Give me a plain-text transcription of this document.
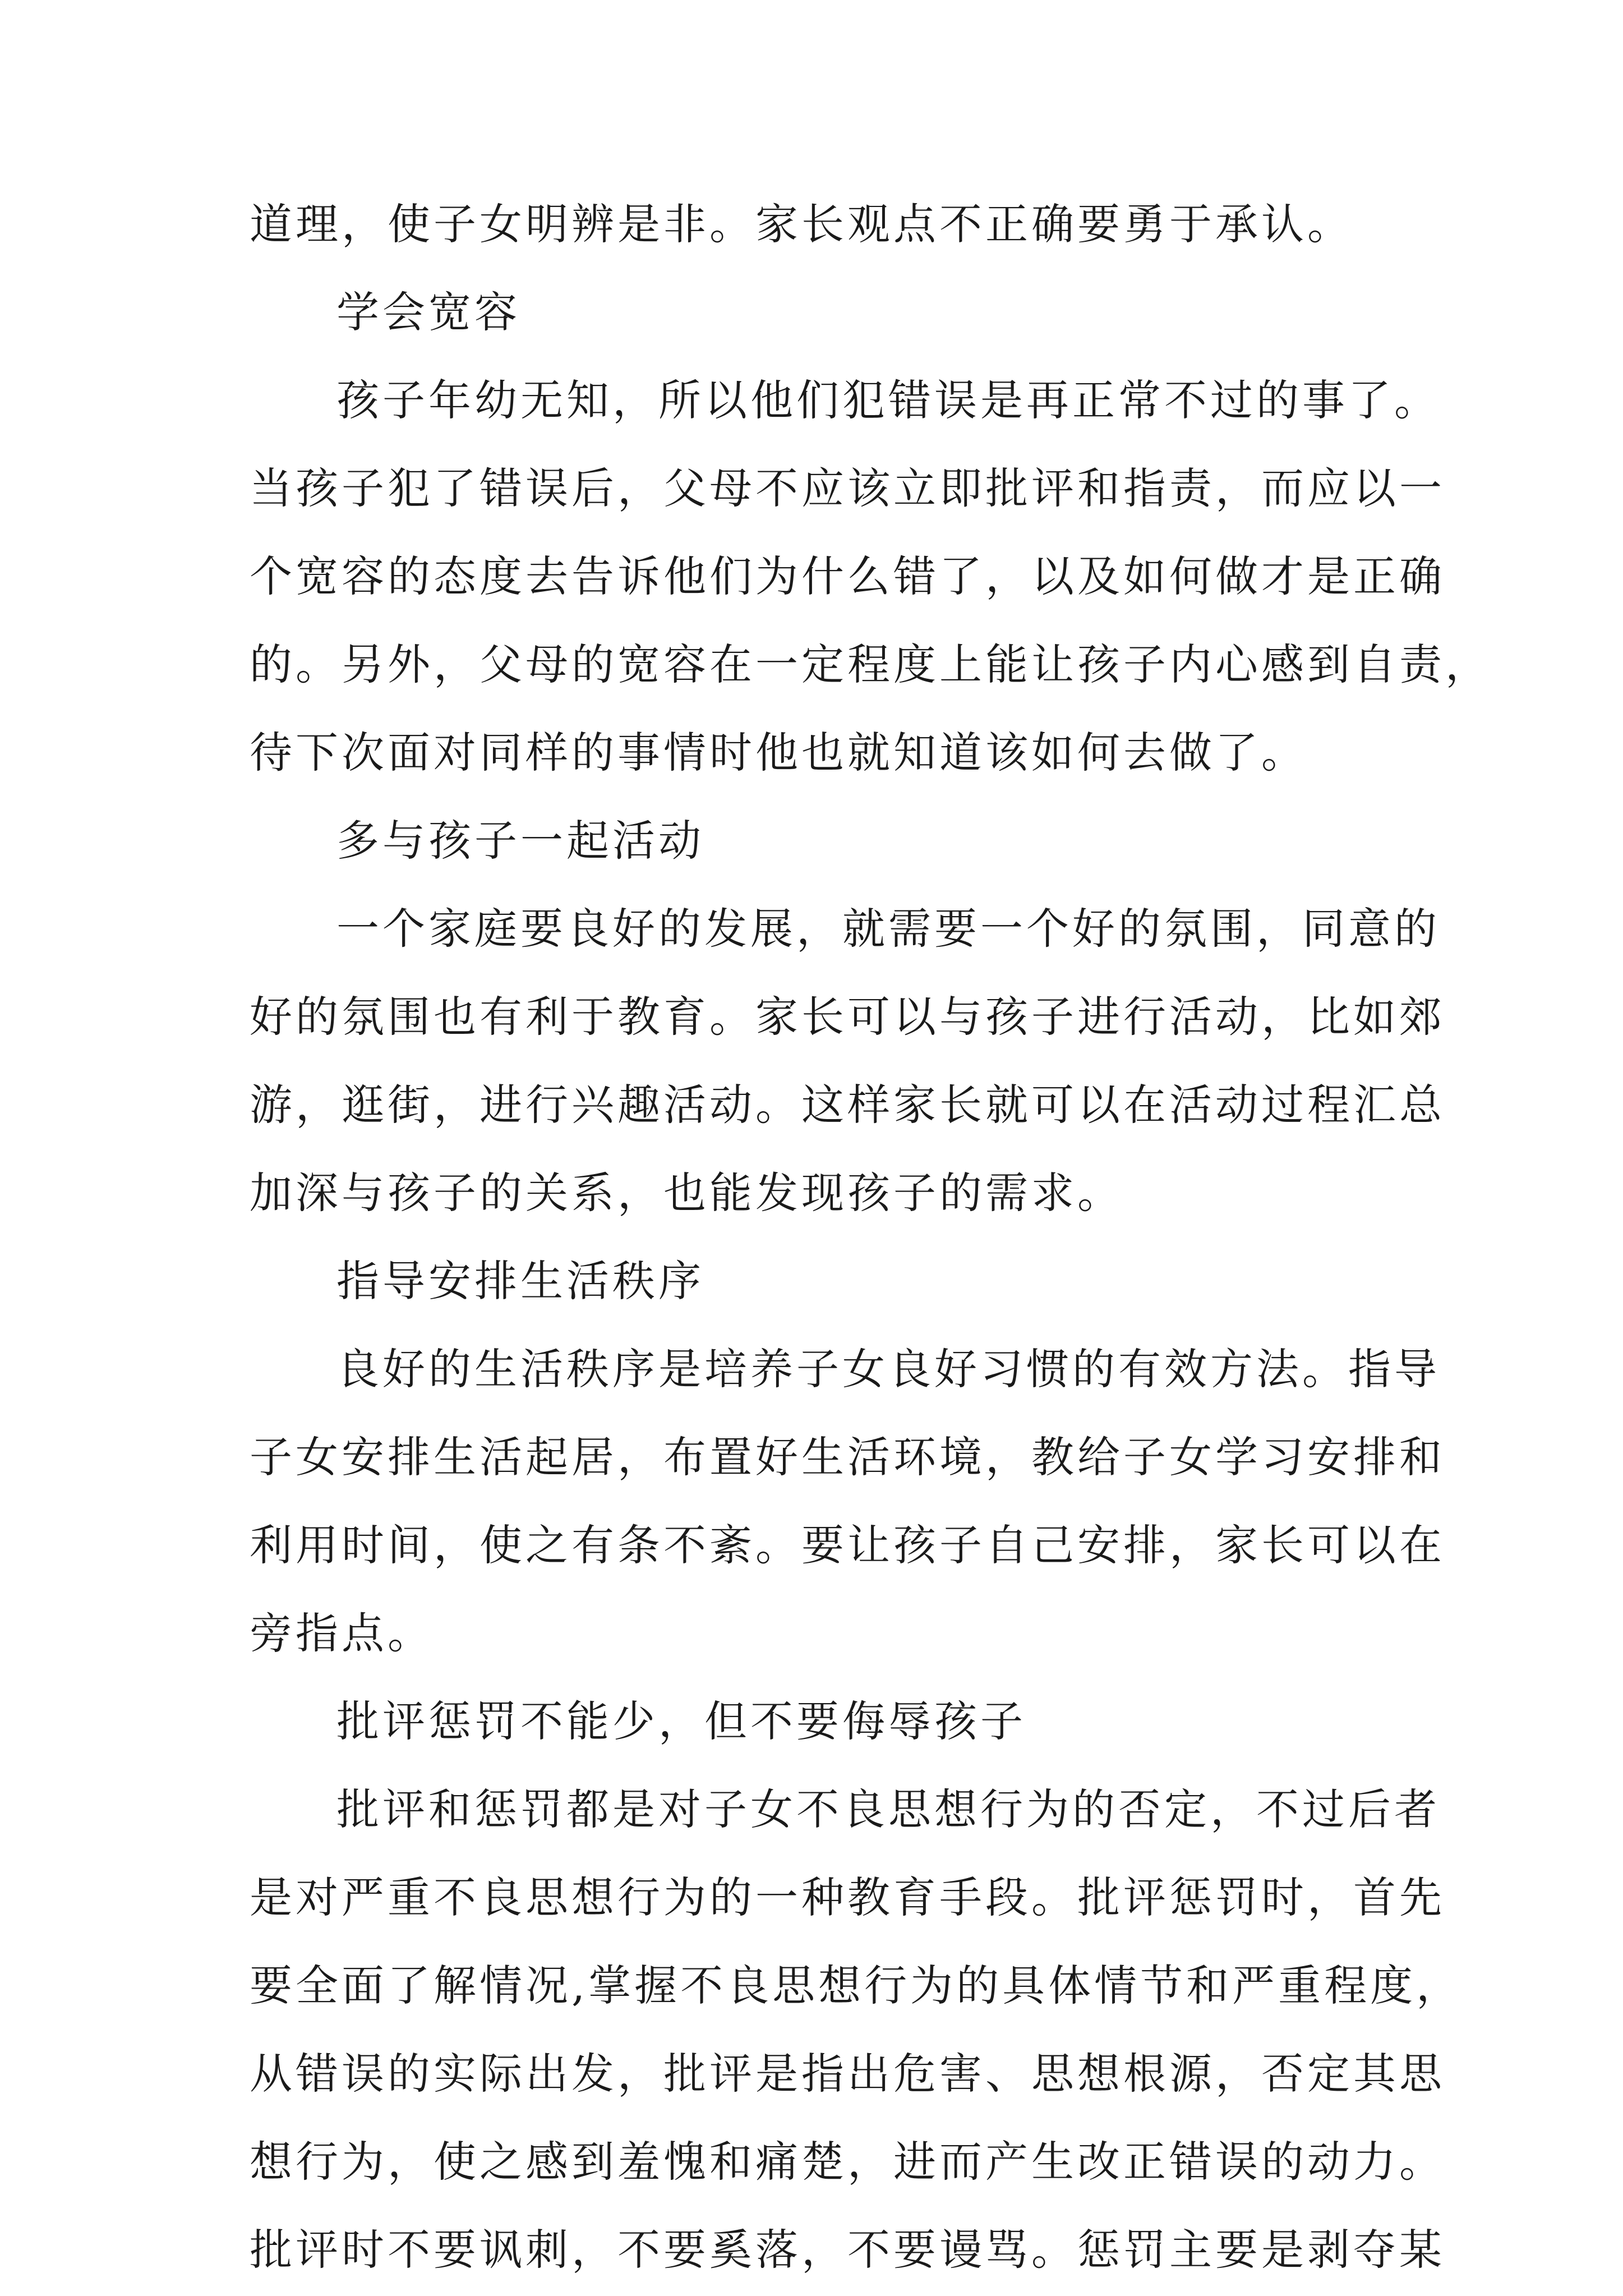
道理，使子女明辨是非。家长观点不正确要勇于承认。
学会宽容
孩子年幼无知，所以他们犯错误是再正常不过的事了。
当孩子犯了错误后，父母不应该立即批评和指责，而应以一
个宽容的态度去告诉他们为什么错了，以及如何做才是正确
的。另外，父母的宽容在一定程度上能让孩子内心感到自责，
待下次面对同样的事情时他也就知道该如何去做了。
多与孩子一起活动
一个家庭要良好的发展，就需要一个好的氛围，同意的
好的氛围也有利于教育。家长可以与孩子进行活动，比如郊
游，逛街，进行兴趣活动。这样家长就可以在活动过程汇总
加深与孩子的关系，也能发现孩子的需求。
指导安排生活秩序
良好的生活秩序是培养子女良好习惯的有效方法。指导
子女安排生活起居，布置好生活环境，教给子女学习安排和
利用时间，使之有条不紊。要让孩子自己安排，家长可以在
旁指点。
批评惩罚不能少，但不要侮辱孩子
批评和惩罚都是对子女不良思想行为的否定，不过后者
是对严重不良思想行为的一种教育手段。批评惩罚时，首先
要全面了解情况,掌握不良思想行为的具体情节和严重程度，
从错误的实际出发，批评是指出危害、思想根源，否定其思
想行为，使之感到羞愧和痛楚，进而产生改正错误的动力。
批评时不要讽刺，不要奚落，不要谩骂。惩罚主要是剥夺某
